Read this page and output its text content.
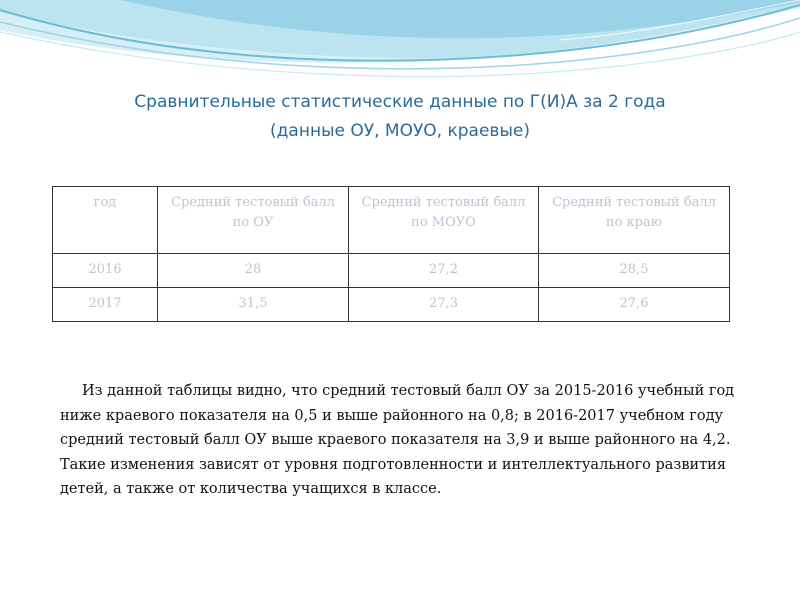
Сравнительные статистические данные по Г(И)А за 2 года
(данные ОУ, МОУО, краевые)
год	Средний тестовый балл по ОУ	Средний тестовый балл по МОУО	Средний тестовый балл по краю
2016	28	27,2	28,5
2017	31,5	27,3	27,6

Из данной таблицы видно, что средний тестовый балл ОУ за 2015-2016 учебный год ниже краевого показателя на 0,5 и выше районного на 0,8; в 2016-2017 учебном году средний тестовый балл ОУ выше краевого показателя на 3,9 и выше районного на 4,2. Такие изменения зависят от уровня подготовленности и интеллектуального развития детей, а также от количества учащихся в классе.
